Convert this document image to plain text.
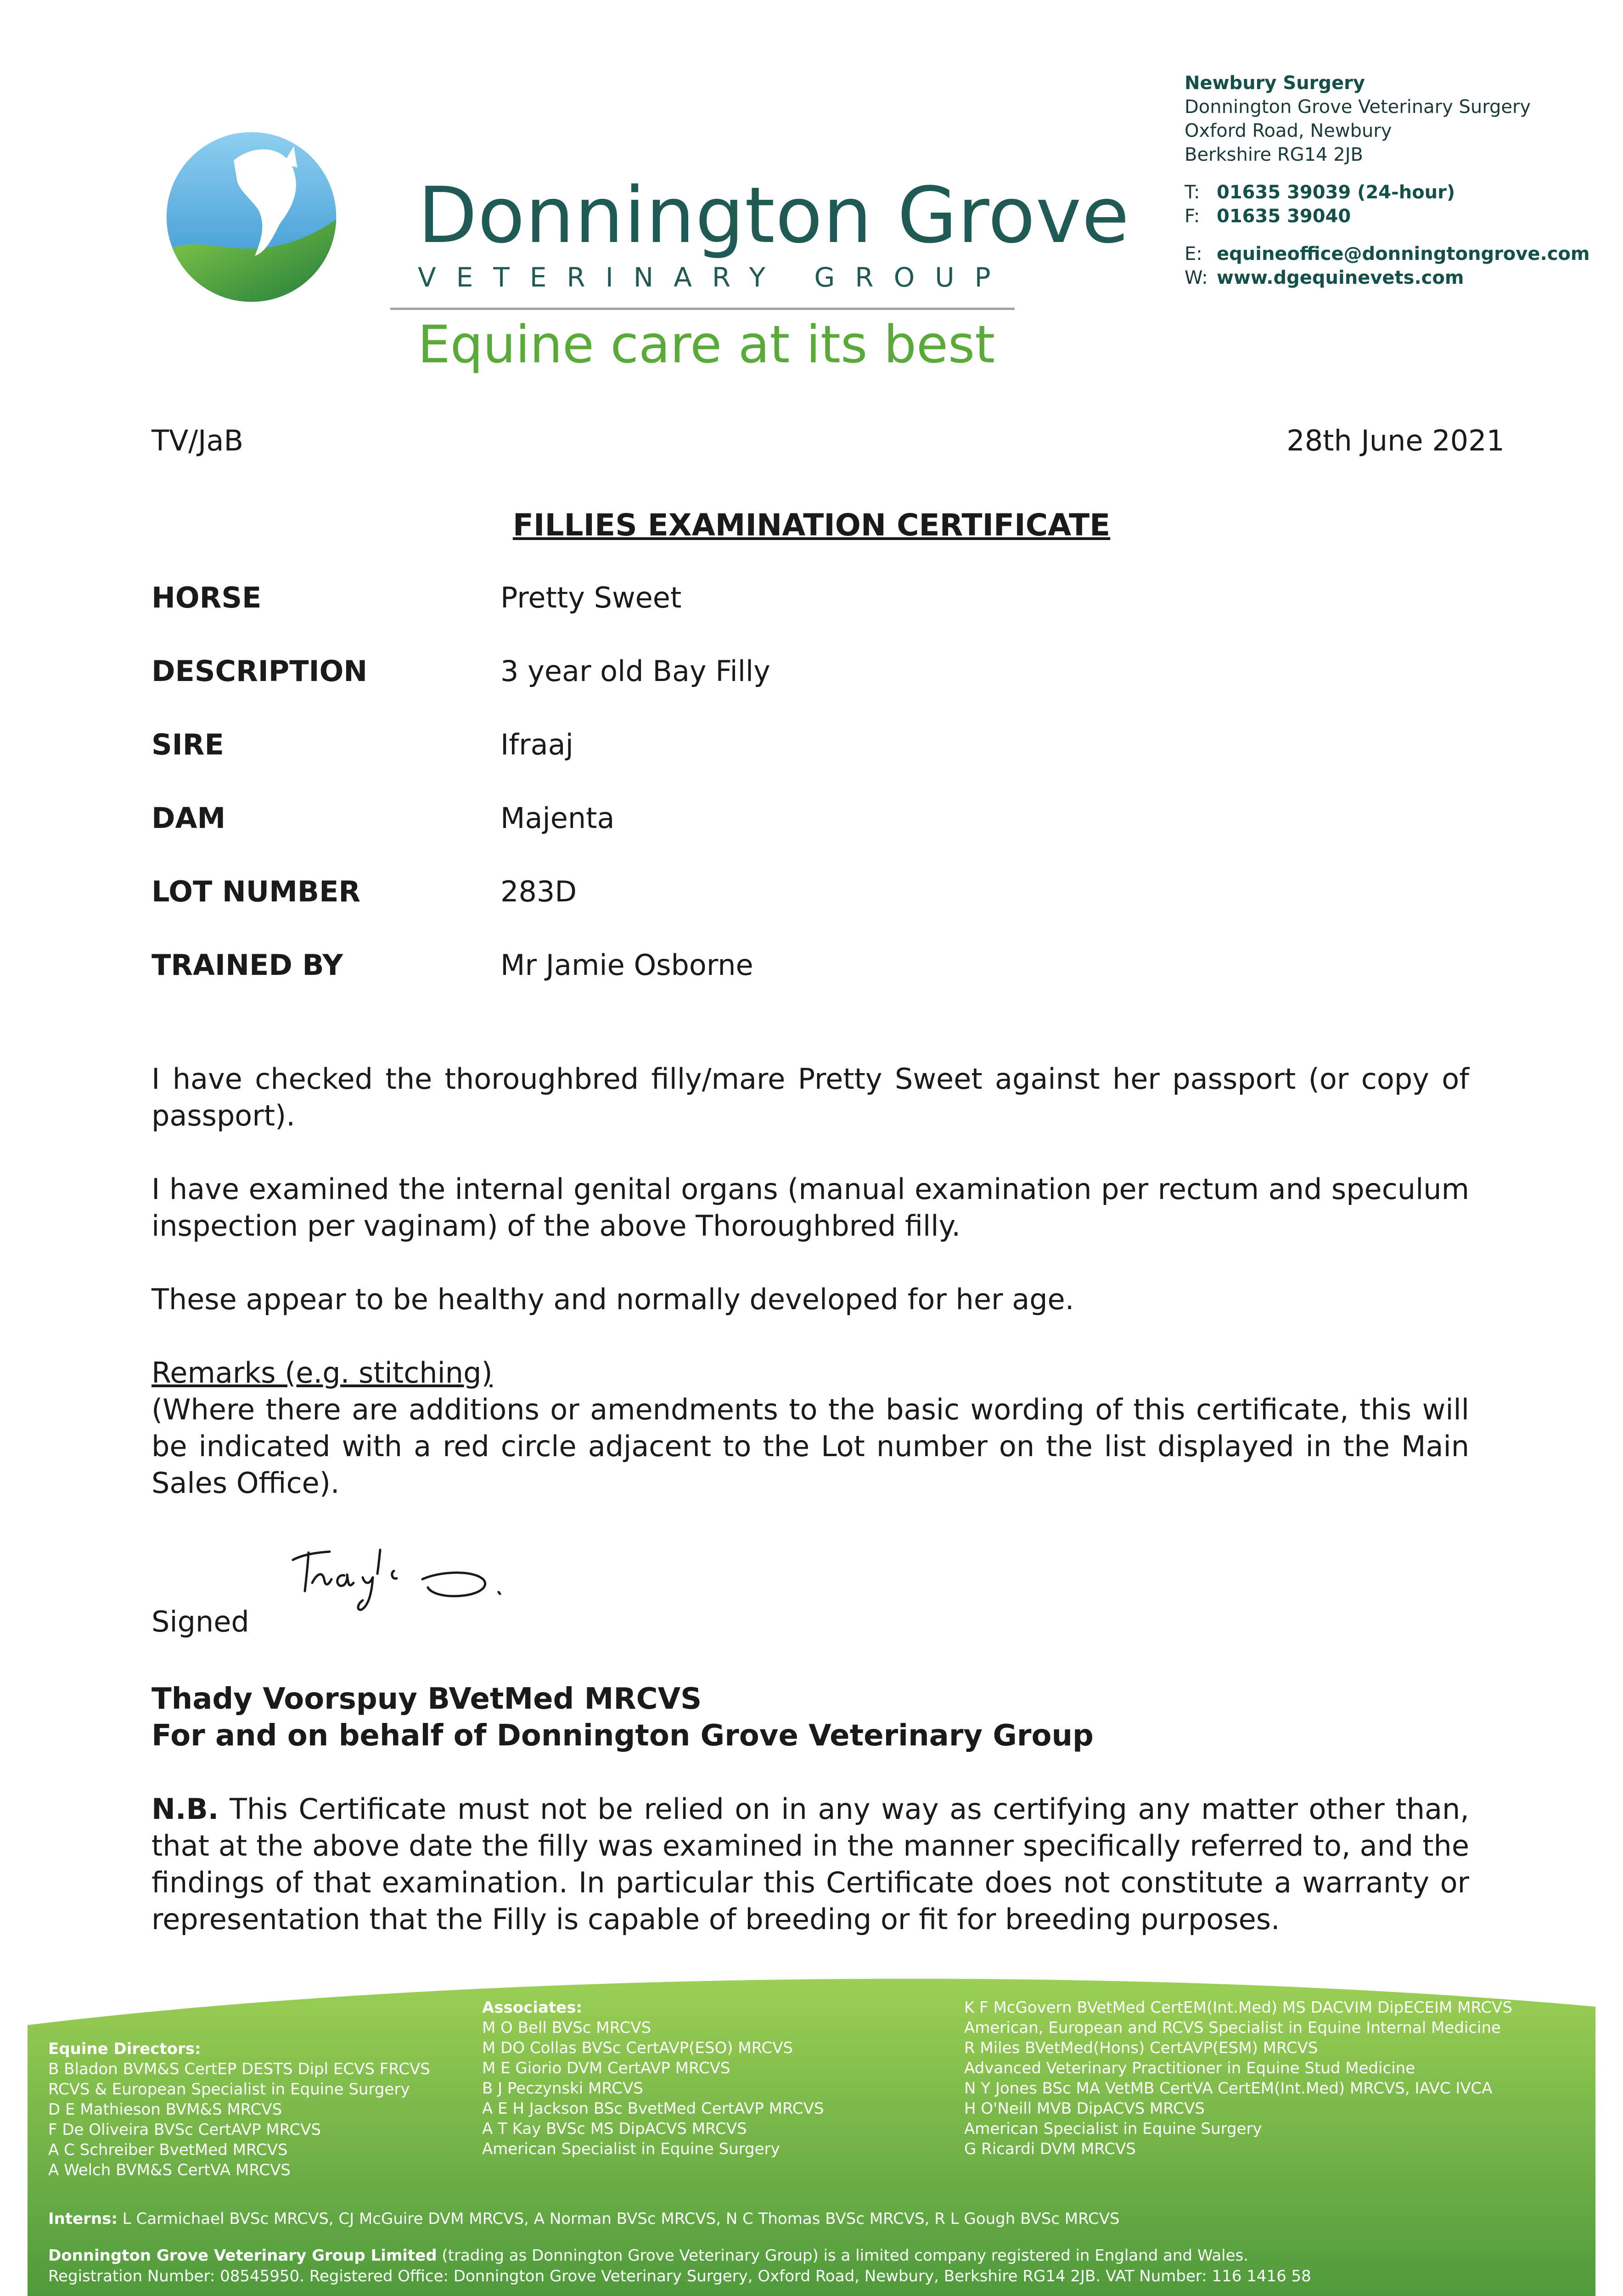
Donnington Grove
VETERINARY GROUP
Equine care at its best
Newbury Surgery
Donnington Grove Veterinary Surgery
Oxford Road, Newbury
Berkshire RG14 2JB
T: 01635 39039 (24-hour)
F: 01635 39040
E: equineoffice@donningtongrove.com
W: www.dgequinevets.com
TV/JaB	28th June 2021
FILLIES EXAMINATION CERTIFICATE
HORSE	Pretty Sweet
DESCRIPTION	3 year old Bay Filly
SIRE	Ifraaj
DAM	Majenta
LOT NUMBER	283D
TRAINED BY	Mr Jamie Osborne

I have checked the thoroughbred filly/mare Pretty Sweet against her passport (or copy of passport).

I have examined the internal genital organs (manual examination per rectum and speculum inspection per vaginam) of the above Thoroughbred filly.

These appear to be healthy and normally developed for her age.

Remarks (e.g. stitching)

(Where there are additions or amendments to the basic wording of this certificate, this will be indicated with a red circle adjacent to the Lot number on the list displayed in the Main Sales Office).

Signed
Thady Voorspuy BVetMed MRCVS
For and on behalf of Donnington Grove Veterinary Group
N.B. This Certificate must not be relied on in any way as certifying any matter other than, that at the above date the filly was examined in the manner specifically referred to, and the findings of that examination. In particular this Certificate does not constitute a warranty or representation that the Filly is capable of breeding or fit for breeding purposes.
Equine Directors:
B Bladon BVM&S CertEP DESTS Dipl ECVS FRCVS
RCVS & European Specialist in Equine Surgery
D E Mathieson BVM&S MRCVS
F De Oliveira BVSc CertAVP MRCVS
A C Schreiber BvetMed MRCVS
A Welch BVM&S CertVA MRCVS
Associates:
M O Bell BVSc MRCVS
M DO Collas BVSc CertAVP(ESO) MRCVS
M E Giorio DVM CertAVP MRCVS
B J Peczynski MRCVS
A E H Jackson BSc BvetMed CertAVP MRCVS
A T Kay BVSc MS DipACVS MRCVS
American Specialist in Equine Surgery
K F McGovern BVetMed CertEM(Int.Med) MS DACVIM DipECEIM MRCVS
American, European and RCVS Specialist in Equine Internal Medicine
R Miles BVetMed(Hons) CertAVP(ESM) MRCVS
Advanced Veterinary Practitioner in Equine Stud Medicine
N Y Jones BSc MA VetMB CertVA CertEM(Int.Med) MRCVS, IAVC IVCA
H O'Neill MVB DipACVS MRCVS
American Specialist in Equine Surgery
G Ricardi DVM MRCVS
Interns: L Carmichael BVSc MRCVS, CJ McGuire DVM MRCVS, A Norman BVSc MRCVS, N C Thomas BVSc MRCVS, R L Gough BVSc MRCVS
Donnington Grove Veterinary Group Limited (trading as Donnington Grove Veterinary Group) is a limited company registered in England and Wales.
Registration Number: 08545950. Registered Office: Donnington Grove Veterinary Surgery, Oxford Road, Newbury, Berkshire RG14 2JB. VAT Number: 116 1416 58
